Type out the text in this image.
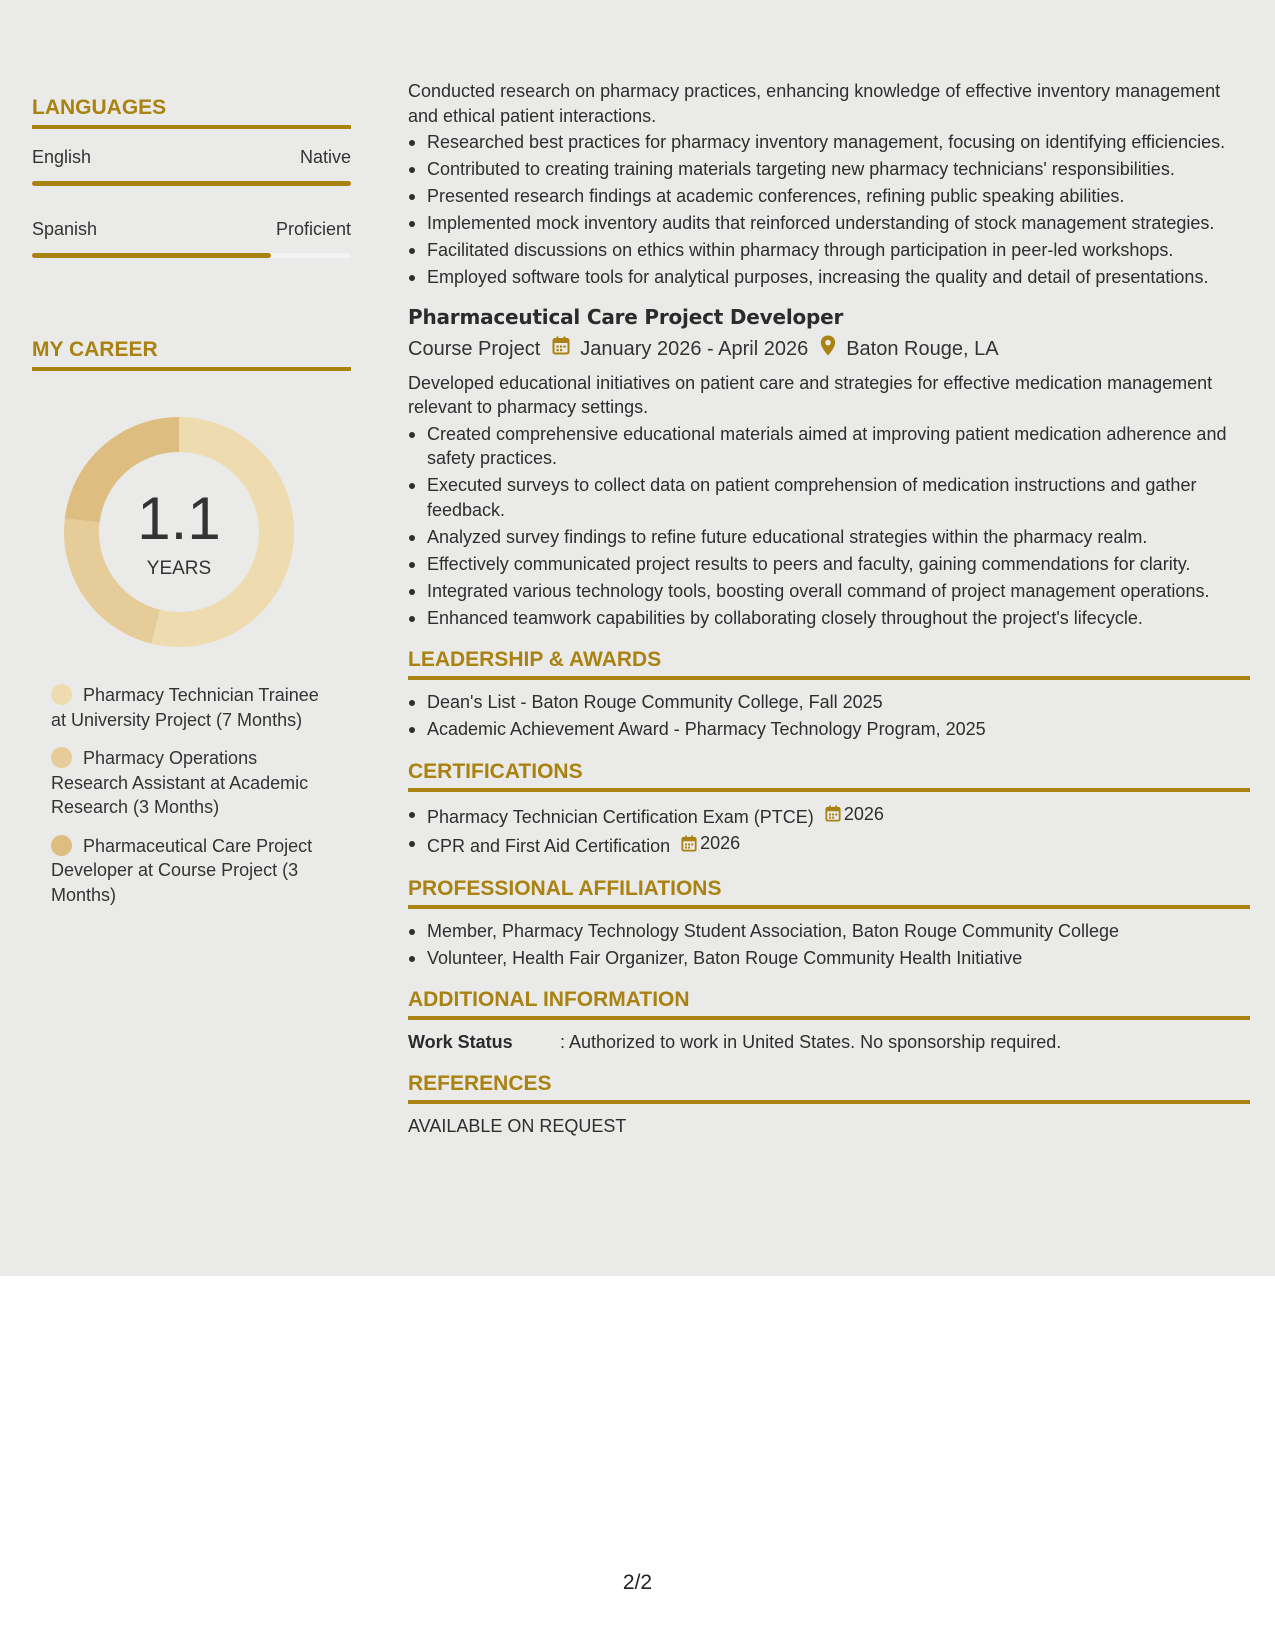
LANGUAGES
English	Native
Spanish	Proficient
MY CAREER
1.1
YEARS
Pharmacy Technician Trainee at University Project (7 Months)
Pharmacy Operations Research Assistant at Academic Research (3 Months)
Pharmaceutical Care Project Developer at Course Project (3 Months)
Conducted research on pharmacy practices, enhancing knowledge of effective inventory management and ethical patient interactions.
Researched best practices for pharmacy inventory management, focusing on identifying efficiencies.
Contributed to creating training materials targeting new pharmacy technicians' responsibilities.
Presented research findings at academic conferences, refining public speaking abilities.
Implemented mock inventory audits that reinforced understanding of stock management strategies.
Facilitated discussions on ethics within pharmacy through participation in peer-led workshops.
Employed software tools for analytical purposes, increasing the quality and detail of presentations.
Pharmaceutical Care Project Developer
Course Project January 2026 - April 2026 Baton Rouge, LA
Developed educational initiatives on patient care and strategies for effective medication management relevant to pharmacy settings.
Created comprehensive educational materials aimed at improving patient medication adherence and safety practices.
Executed surveys to collect data on patient comprehension of medication instructions and gather feedback.
Analyzed survey findings to refine future educational strategies within the pharmacy realm.
Effectively communicated project results to peers and faculty, gaining commendations for clarity.
Integrated various technology tools, boosting overall command of project management operations.
Enhanced teamwork capabilities by collaborating closely throughout the project's lifecycle.
LEADERSHIP & AWARDS
Dean's List - Baton Rouge Community College, Fall 2025
Academic Achievement Award - Pharmacy Technology Program, 2025
CERTIFICATIONS
Pharmacy Technician Certification Exam (PTCE) 2026
CPR and First Aid Certification 2026
PROFESSIONAL AFFILIATIONS
Member, Pharmacy Technology Student Association, Baton Rouge Community College
Volunteer, Health Fair Organizer, Baton Rouge Community Health Initiative
ADDITIONAL INFORMATION
Work Status	: Authorized to work in United States. No sponsorship required.
REFERENCES
AVAILABLE ON REQUEST
2/2
